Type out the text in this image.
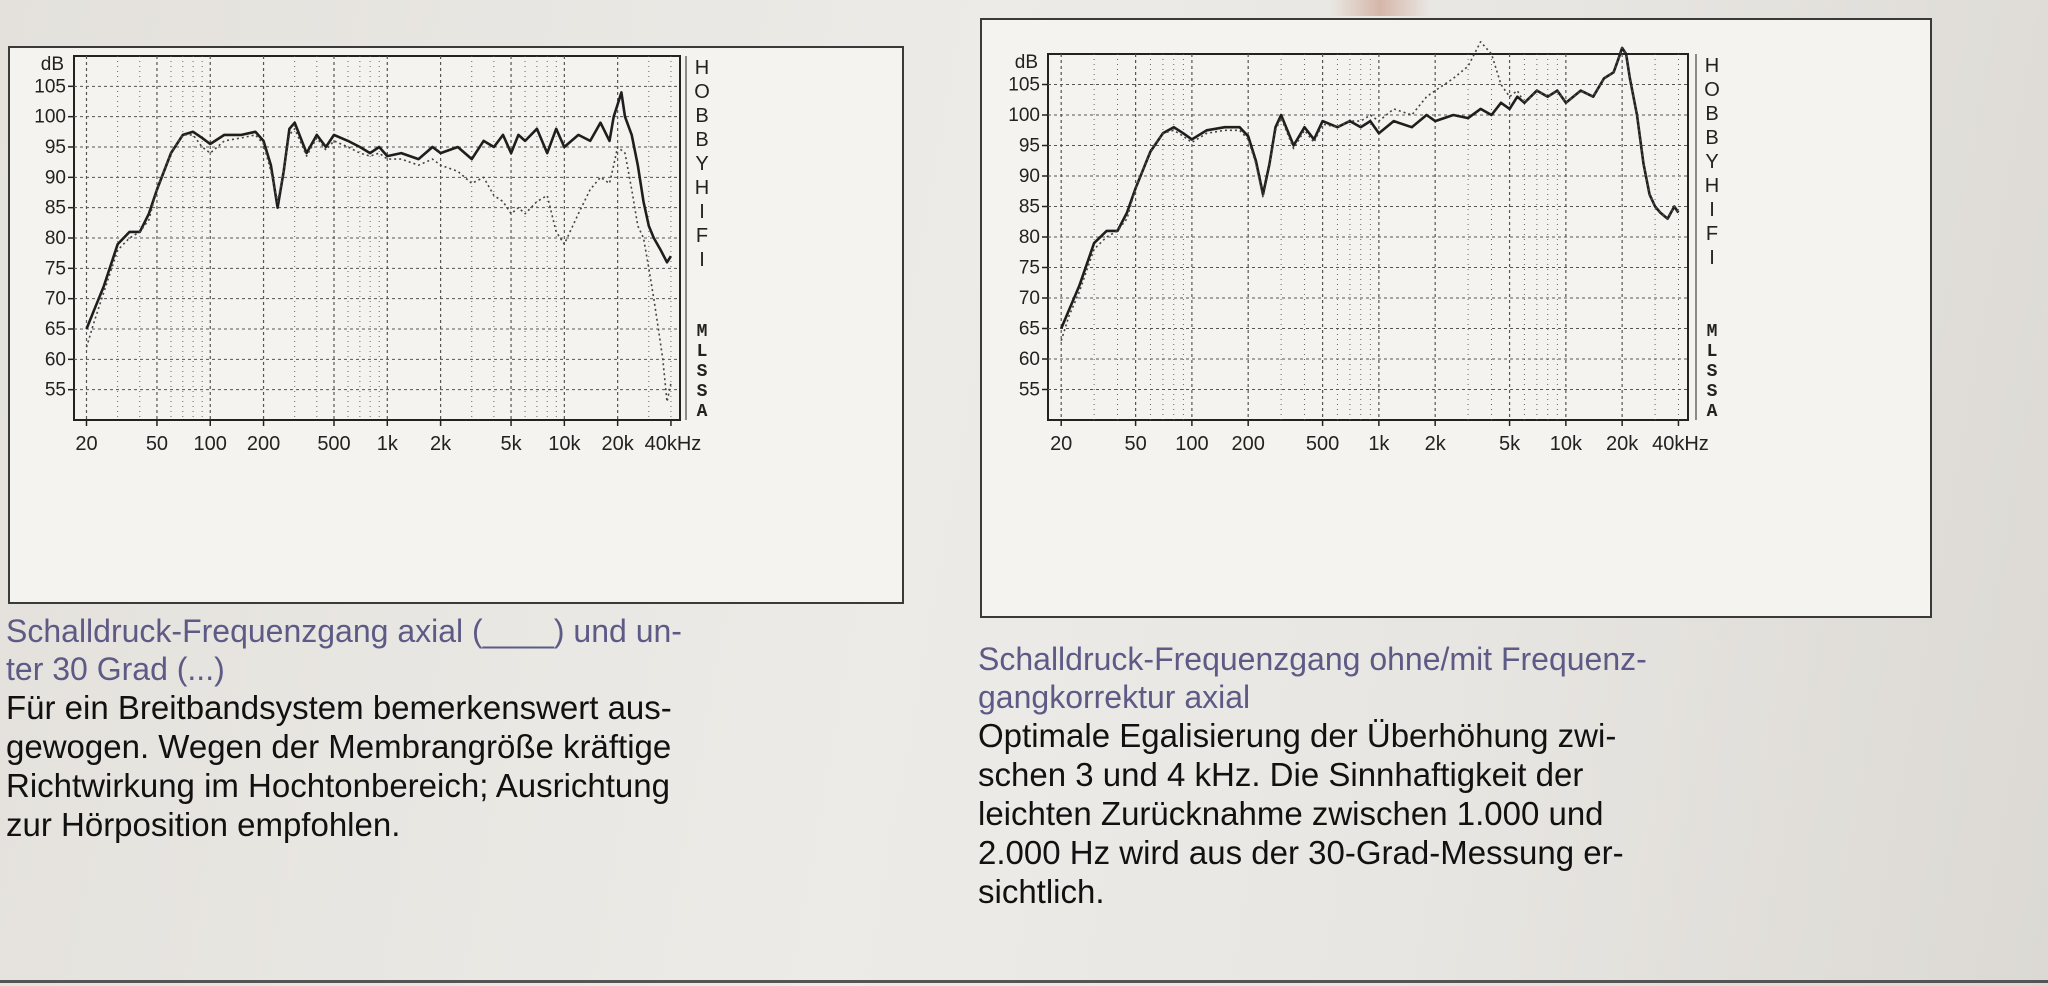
55
60
65
70
75
80
85
90
95
100
105
dB
20 50 100 200 500 1k 2k 5k 10k 20k 40kHz
H O B B Y H I F I
M L S S A
55
60
65
70
75
80
85
90
95
100
105
dB
20	50 100 200 500 1k 2k	5k 10k 20k 40kHz
H O B B Y H I F I
M L S S A
Schalldruck-Frequenzgang axial (____) und un-
ter 30 Grad (...)
Für ein Breitbandsystem bemerkenswert aus-
gewogen. Wegen der Membrangröße kräftige
Richtwirkung im Hochtonbereich; Ausrichtung
zur Hörposition empfohlen.
Schalldruck-Frequenzgang ohne/mit Frequenz-
gangkorrektur axial
Optimale Egalisierung der Überhöhung zwi-
schen 3 und 4 kHz. Die Sinnhaftigkeit der
leichten Zurücknahme zwischen 1.000 und
2.000 Hz wird aus der 30-Grad-Messung er-
sichtlich.
